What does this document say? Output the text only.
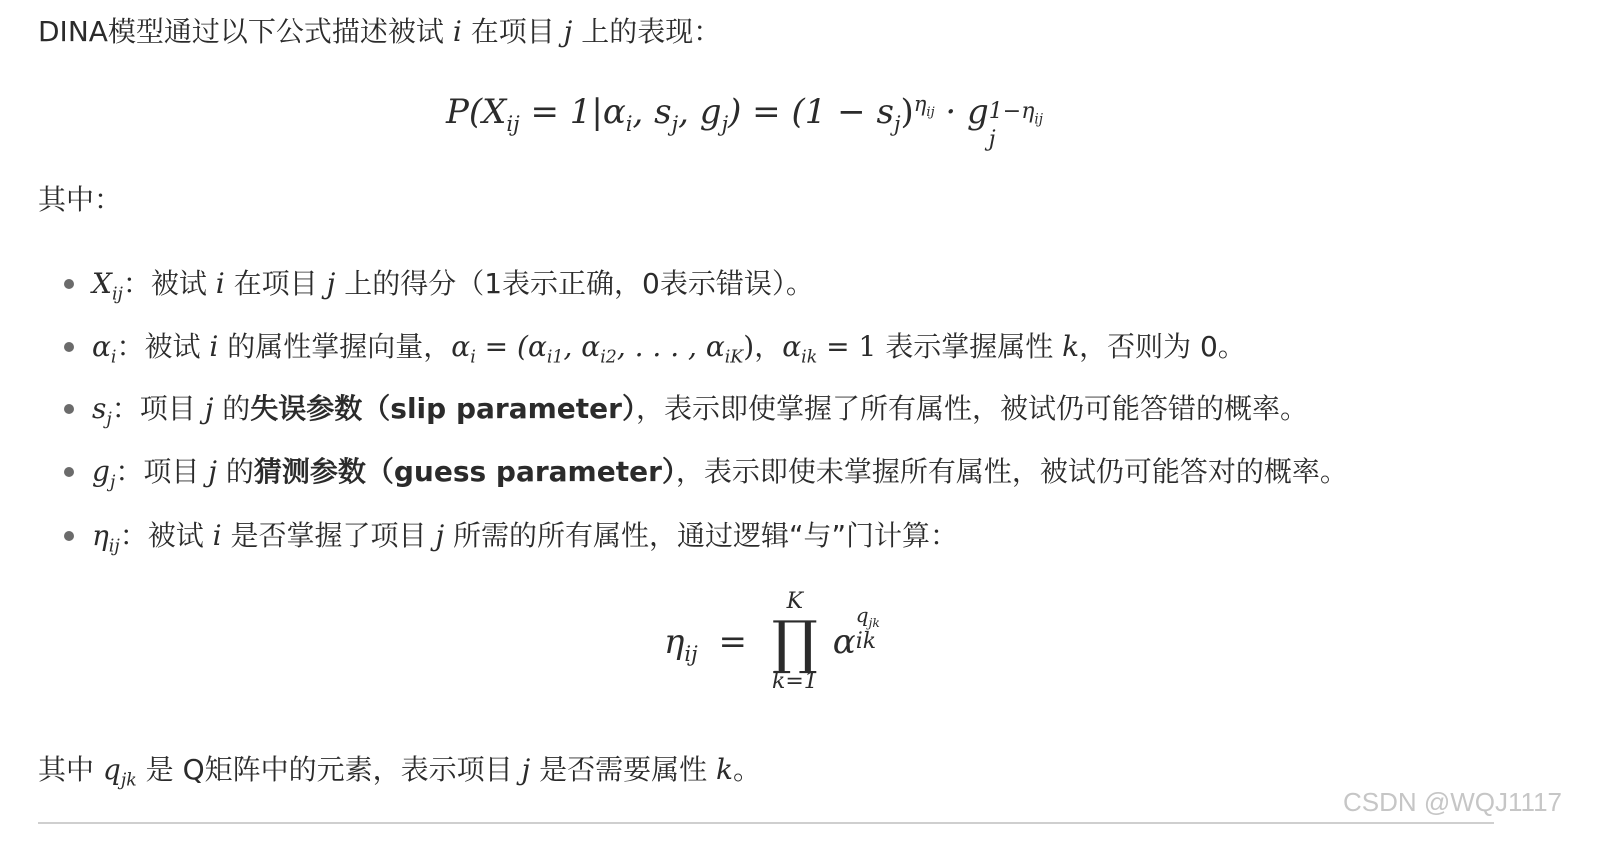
DINA模型通过以下公式描述被试 i 在项目 j 上的表现：
$P(X_{ij} = 1|\alpha_i$, $s_j$, $g_j) = (1 - s_j)^{\eta_{ij}} \cdot g$ $1-\eta_{ij}$
j
其中：
$X_{ij}$：被试 i 在项目 j 上的得分（1表示正确，0表示错误）。
$\alpha_i$：被试 i 的属性掌握向量，$\alpha_i = (\alpha_{i1}$, $\alpha_{i2}$, . . . , $\alpha_{iK}$)，$\alpha_{ik} = 1$ 表示掌握属性 k，否则为 0。
$s_j$：项目 j 的失误参数（slip parameter），表示即使掌握了所有属性，被试仍可能答错的概率。
$g_j$：项目 j 的猜测参数（guess parameter），表示即使未掌握所有属性，被试仍可能答对的概率。
$\eta_{ij}$：被试 i 是否掌握了项目 j 所需的所有属性，通过逻辑“与”门计算：
$\eta_{ij}$ =
K
∏
k=1
α
$q_{jk}$
ik
其中 $q_{jk}$ 是 Q矩阵中的元素，表示项目 j 是否需要属性 k。
CSDN @WQJ1117
